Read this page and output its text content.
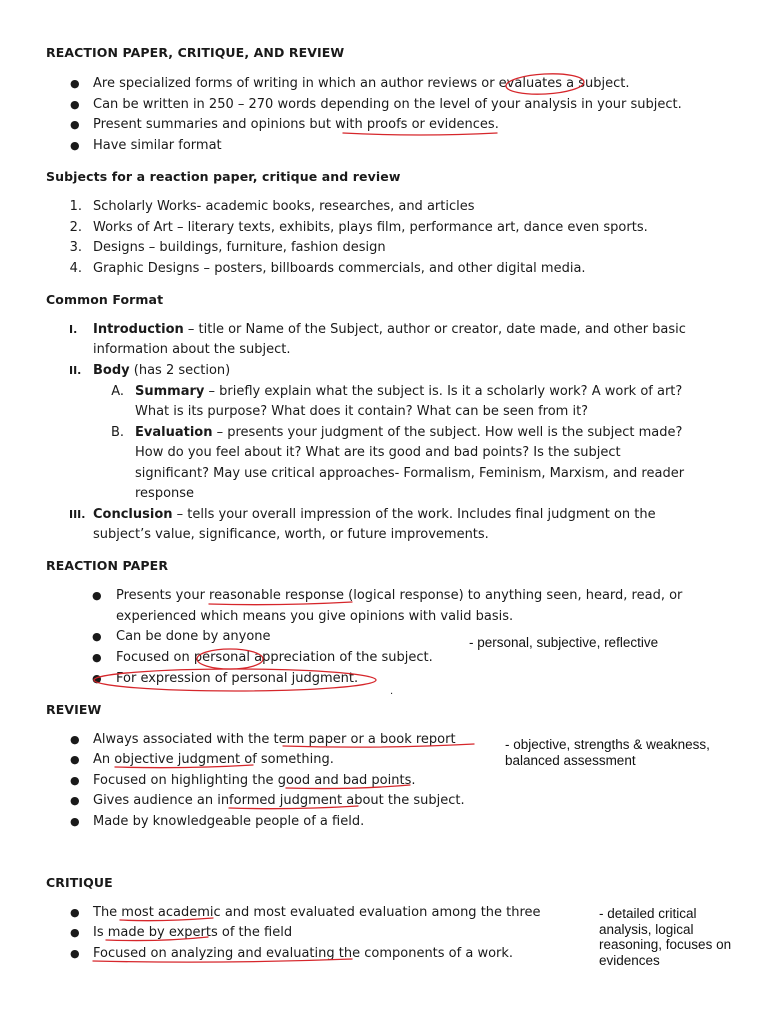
REACTION PAPER, CRITIQUE, AND REVIEW
● Are specialized forms of writing in which an author reviews or evaluates a subject.
● Can be written in 250 – 270 words depending on the level of your analysis in your subject.
● Present summaries and opinions but with proofs or evidences.
● Have similar format
Subjects for a reaction paper, critique and review
1. Scholarly Works- academic books, researches, and articles
2. Works of Art – literary texts, exhibits, plays film, performance art, dance even sports.
3. Designs – buildings, furniture, fashion design
4. Graphic Designs – posters, billboards commercials, and other digital media.
Common Format
I. Introduction – title or Name of the Subject, author or creator, date made, and other basic
information about the subject.
II. Body (has 2 section)
A. Summary – briefly explain what the subject is. Is it a scholarly work? A work of art?
What is its purpose? What does it contain? What can be seen from it?
B. Evaluation – presents your judgment of the subject. How well is the subject made?
How do you feel about it? What are its good and bad points? Is the subject
significant? May use critical approaches- Formalism, Feminism, Marxism, and reader
response
III. Conclusion – tells your overall impression of the work. Includes final judgment on the
subject’s value, significance, worth, or future improvements.
REACTION PAPER
● Presents your reasonable response (logical response) to anything seen, heard, read, or
experienced which means you give opinions with valid basis.
● Can be done by anyone
● Focused on personal appreciation of the subject.
● For expression of personal judgment.
- personal, subjective, reflective
.
REVIEW
● Always associated with the term paper or a book report
● An objective judgment of something.
● Focused on highlighting the good and bad points.
● Gives audience an informed judgment about the subject.
● Made by knowledgeable people of a field.
- objective, strengths & weakness,
balanced assessment
CRITIQUE
● The most academic and most evaluated evaluation among the three
● Is made by experts of the field
● Focused on analyzing and evaluating the components of a work.
- detailed critical
analysis, logical
reasoning, focuses on
evidences
